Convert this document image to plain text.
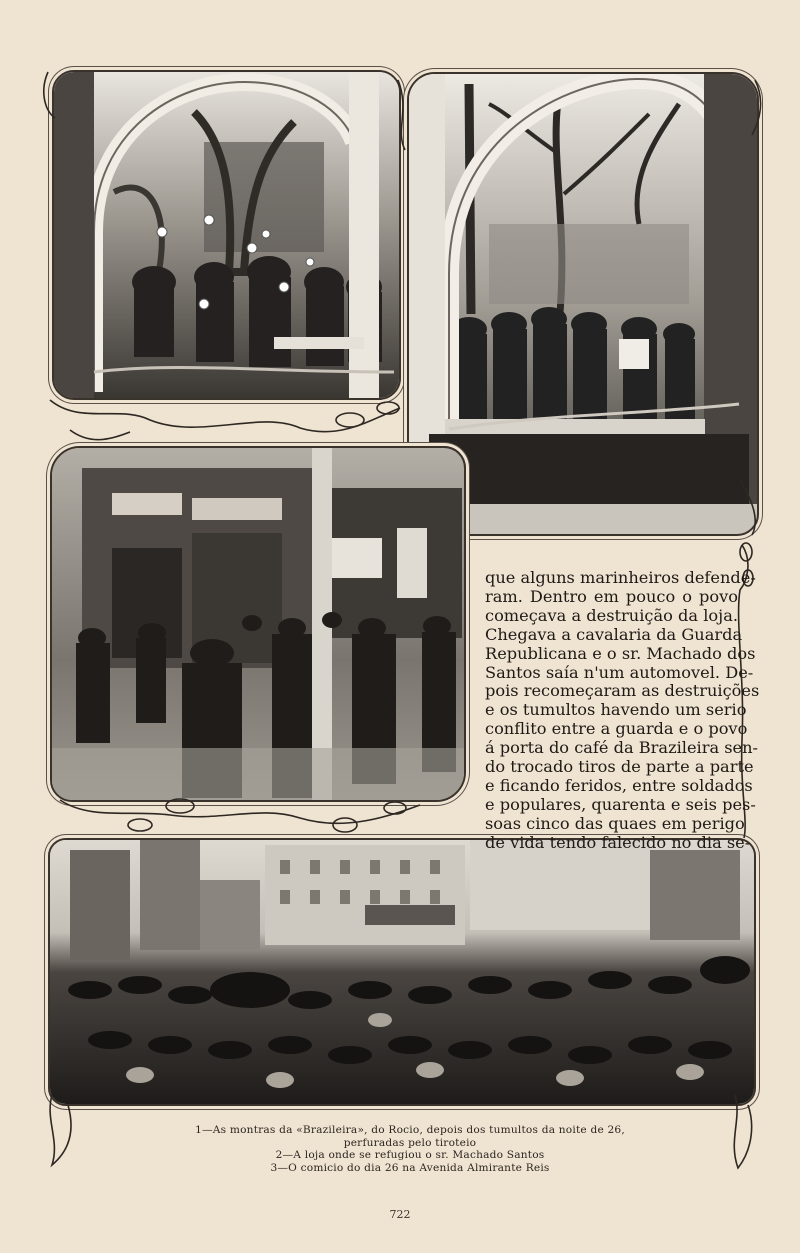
que alguns marinheiros defende-
ram. Dentro em pouco o povo
começava a destruição da loja.
Chegava a cavalaria da Guarda
Republicana e o sr. Machado dos
Santos saía n'um automovel. De-
pois recomeçaram as destruições
e os tumultos havendo um serio
conflito entre a guarda e o povo
á porta do café da Brazileira sen-
do trocado tiros de parte a parte
e ficando feridos, entre soldados
e populares, quarenta e seis pes-
soas cinco das quaes em perigo
de vida tendo falecido no dia se-
1—As montras da «Brazileira», do Rocio, depois dos tumultos da noite de 26,
perfuradas pelo tiroteio
2—A loja onde se refugiou o sr. Machado Santos
3—O comicio do dia 26 na Avenida Almirante Reis
722
